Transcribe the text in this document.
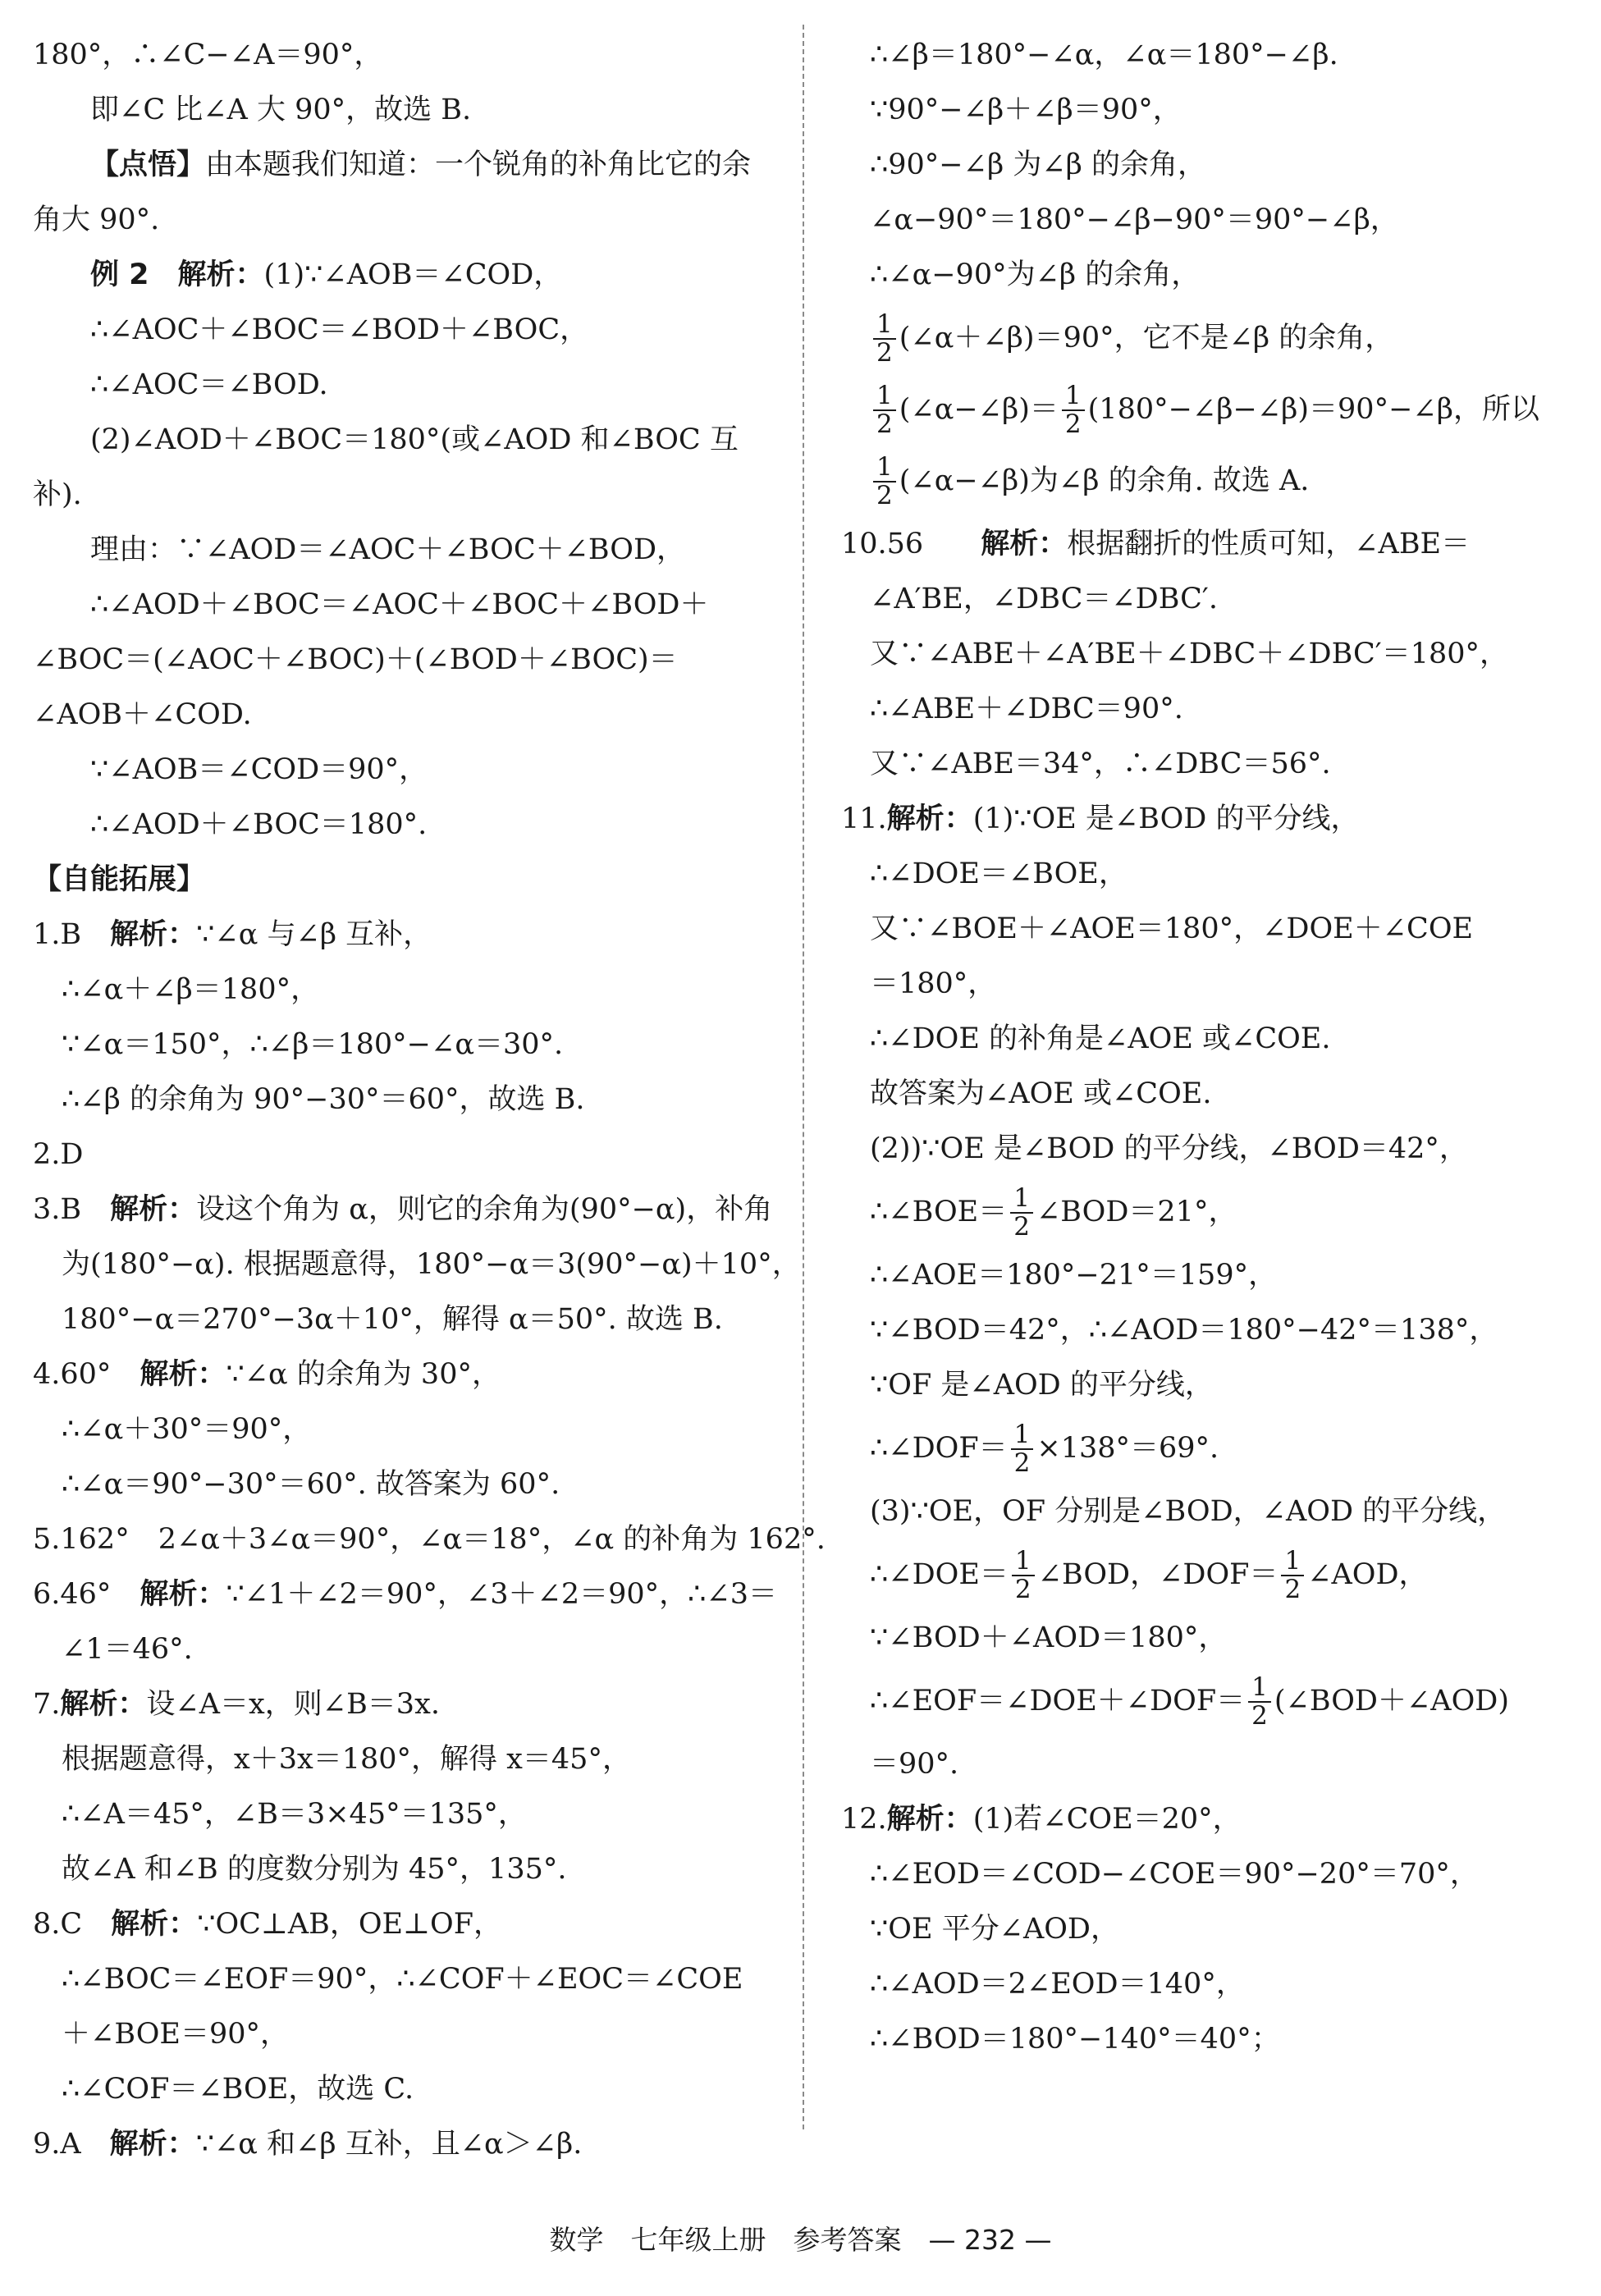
180°，∴∠C−∠A＝90°，
即∠C 比∠A 大 90°，故选 B.
【点悟】 由本题我们知道：一个锐角的补角比它的余
角大 90°.
例 2　解析： (1)∵∠AOB＝∠COD，
∴∠AOC＋∠BOC＝∠BOD＋∠BOC，
∴∠AOC＝∠BOD.
(2)∠AOD＋∠BOC＝180°(或∠AOD 和∠BOC 互
补).
理由：∵∠AOD＝∠AOC＋∠BOC＋∠BOD，
∴∠AOD＋∠BOC＝∠AOC＋∠BOC＋∠BOD＋
∠BOC＝(∠AOC＋∠BOC)＋(∠BOD＋∠BOC)＝
∠AOB＋∠COD.
∵∠AOB＝∠COD＝90°，
∴∠AOD＋∠BOC＝180°.
【自能拓展】
1.B　 解析： ∵∠α 与∠β 互补，
∴∠α＋∠β＝180°，
∵∠α＝150°，∴∠β＝180°−∠α＝30°.
∴∠β 的余角为 90°−30°＝60°，故选 B.
2.D
3.B　 解析： 设这个角为 α，则它的余角为(90°−α)，补角
为(180°−α). 根据题意得，180°−α＝3(90°−α)＋10°，
180°−α＝270°−3α＋10°，解得 α＝50°. 故选 B.
4.60°　 解析： ∵∠α 的余角为 30°，
∴∠α＋30°＝90°，
∴∠α＝90°−30°＝60°. 故答案为 60°.
5.162°　2∠α＋3∠α＝90°，∠α＝18°，∠α 的补角为 162°.
6.46°　 解析： ∵∠1＋∠2＝90°，∠3＋∠2＝90°，∴∠3＝
∠1＝46°.
7. 解析： 设∠A＝x，则∠B＝3x.
根据题意得，x＋3x＝180°，解得 x＝45°，
∴∠A＝45°，∠B＝3×45°＝135°，
故∠A 和∠B 的度数分别为 45°，135°.
8.C　 解析： ∵OC⊥AB，OE⊥OF，
∴∠BOC＝∠EOF＝90°，∴∠COF＋∠EOC＝∠COE
＋∠BOE＝90°，
∴∠COF＝∠BOE，故选 C.
9.A　 解析： ∵∠α 和∠β 互补，且∠α＞∠β.
∴∠β＝180°−∠α，∠α＝180°−∠β.
∵90°−∠β＋∠β＝90°，
∴90°−∠β 为∠β 的余角，
∠α−90°＝180°−∠β−90°＝90°−∠β，
∴∠α−90°为∠β 的余角，
$\frac{1}{2}$ (∠α＋∠β)＝90°，它不是∠β 的余角，
$\frac{1}{2}$ (∠α−∠β)＝ $\frac{1}{2}$ (180°−∠β−∠β)＝90°−∠β，所以
$\frac{1}{2}$ (∠α−∠β)为∠β 的余角. 故选 A.
10.56　　 解析： 根据翻折的性质可知，∠ABE＝
∠A′BE，∠DBC＝∠DBC′.
又∵∠ABE＋∠A′BE＋∠DBC＋∠DBC′＝180°，
∴∠ABE＋∠DBC＝90°.
又∵∠ABE＝34°，∴∠DBC＝56°.
11. 解析： (1)∵OE 是∠BOD 的平分线，
∴∠DOE＝∠BOE，
又∵∠BOE＋∠AOE＝180°，∠DOE＋∠COE
＝180°，
∴∠DOE 的补角是∠AOE 或∠COE.
故答案为∠AOE 或∠COE.
(2))∵OE 是∠BOD 的平分线，∠BOD＝42°，
∴∠BOE＝ $\frac{1}{2}$ ∠BOD＝21°，
∴∠AOE＝180°−21°＝159°，
∵∠BOD＝42°，∴∠AOD＝180°−42°＝138°，
∵OF 是∠AOD 的平分线，
∴∠DOF＝ $\frac{1}{2} \times 138^\circ=69^\circ$.
(3)∵OE，OF 分别是∠BOD，∠AOD 的平分线，
∴∠DOE＝ $\frac{1}{2}$ ∠BOD，∠DOF＝ $\frac{1}{2}$ ∠AOD，
∵∠BOD＋∠AOD＝180°，
∴∠EOF＝∠DOE＋∠DOF＝ $\frac{1}{2}$ (∠BOD＋∠AOD)
＝90°.
12. 解析： (1)若∠COE＝20°，
∴∠EOD＝∠COD−∠COE＝90°−20°＝70°，
∵OE 平分∠AOD，
∴∠AOD＝2∠EOD＝140°，
∴∠BOD＝180°−140°＝40°；
数学　七年级上册　参考答案　— 232 —
